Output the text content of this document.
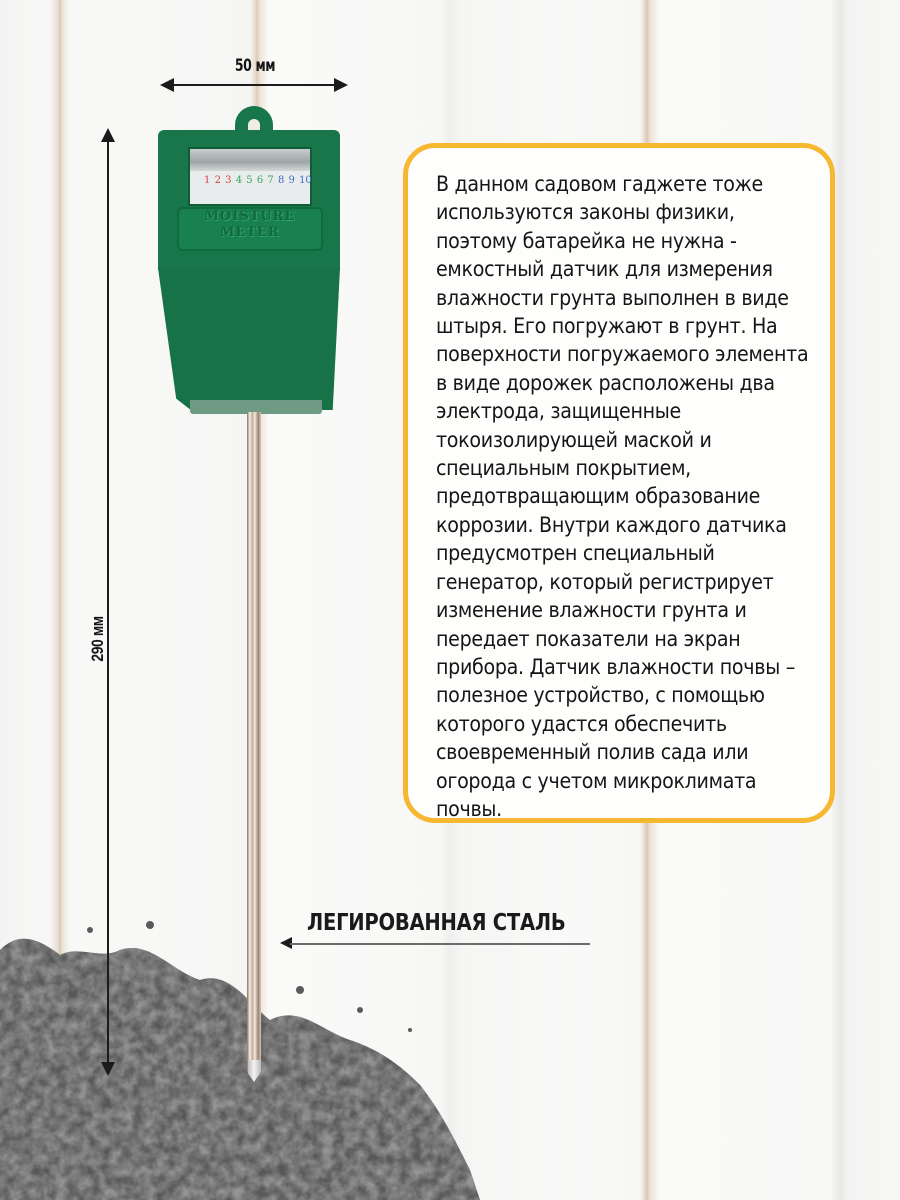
50 мм
290 мм
1 2 3 4 5 6 7 8 9 10
MOISTURE
METER
В данном садовом гаджете тоже
используются законы физики,
поэтому батарейка не нужна -
емкостный датчик для измерения
влажности грунта выполнен в виде
штыря. Его погружают в грунт. На
поверхности погружаемого элемента
в виде дорожек расположены два
электрода, защищенные
токоизолирующей маской и
специальным покрытием,
предотвращающим образование
коррозии. Внутри каждого датчика
предусмотрен специальный
генератор, который регистрирует
изменение влажности грунта и
передает показатели на экран
прибора. Датчик влажности почвы –
полезное устройство, с помощью
которого удастся обеспечить
своевременный полив сада или
огорода с учетом микроклимата
почвы.
ЛЕГИРОВАННАЯ СТАЛЬ
